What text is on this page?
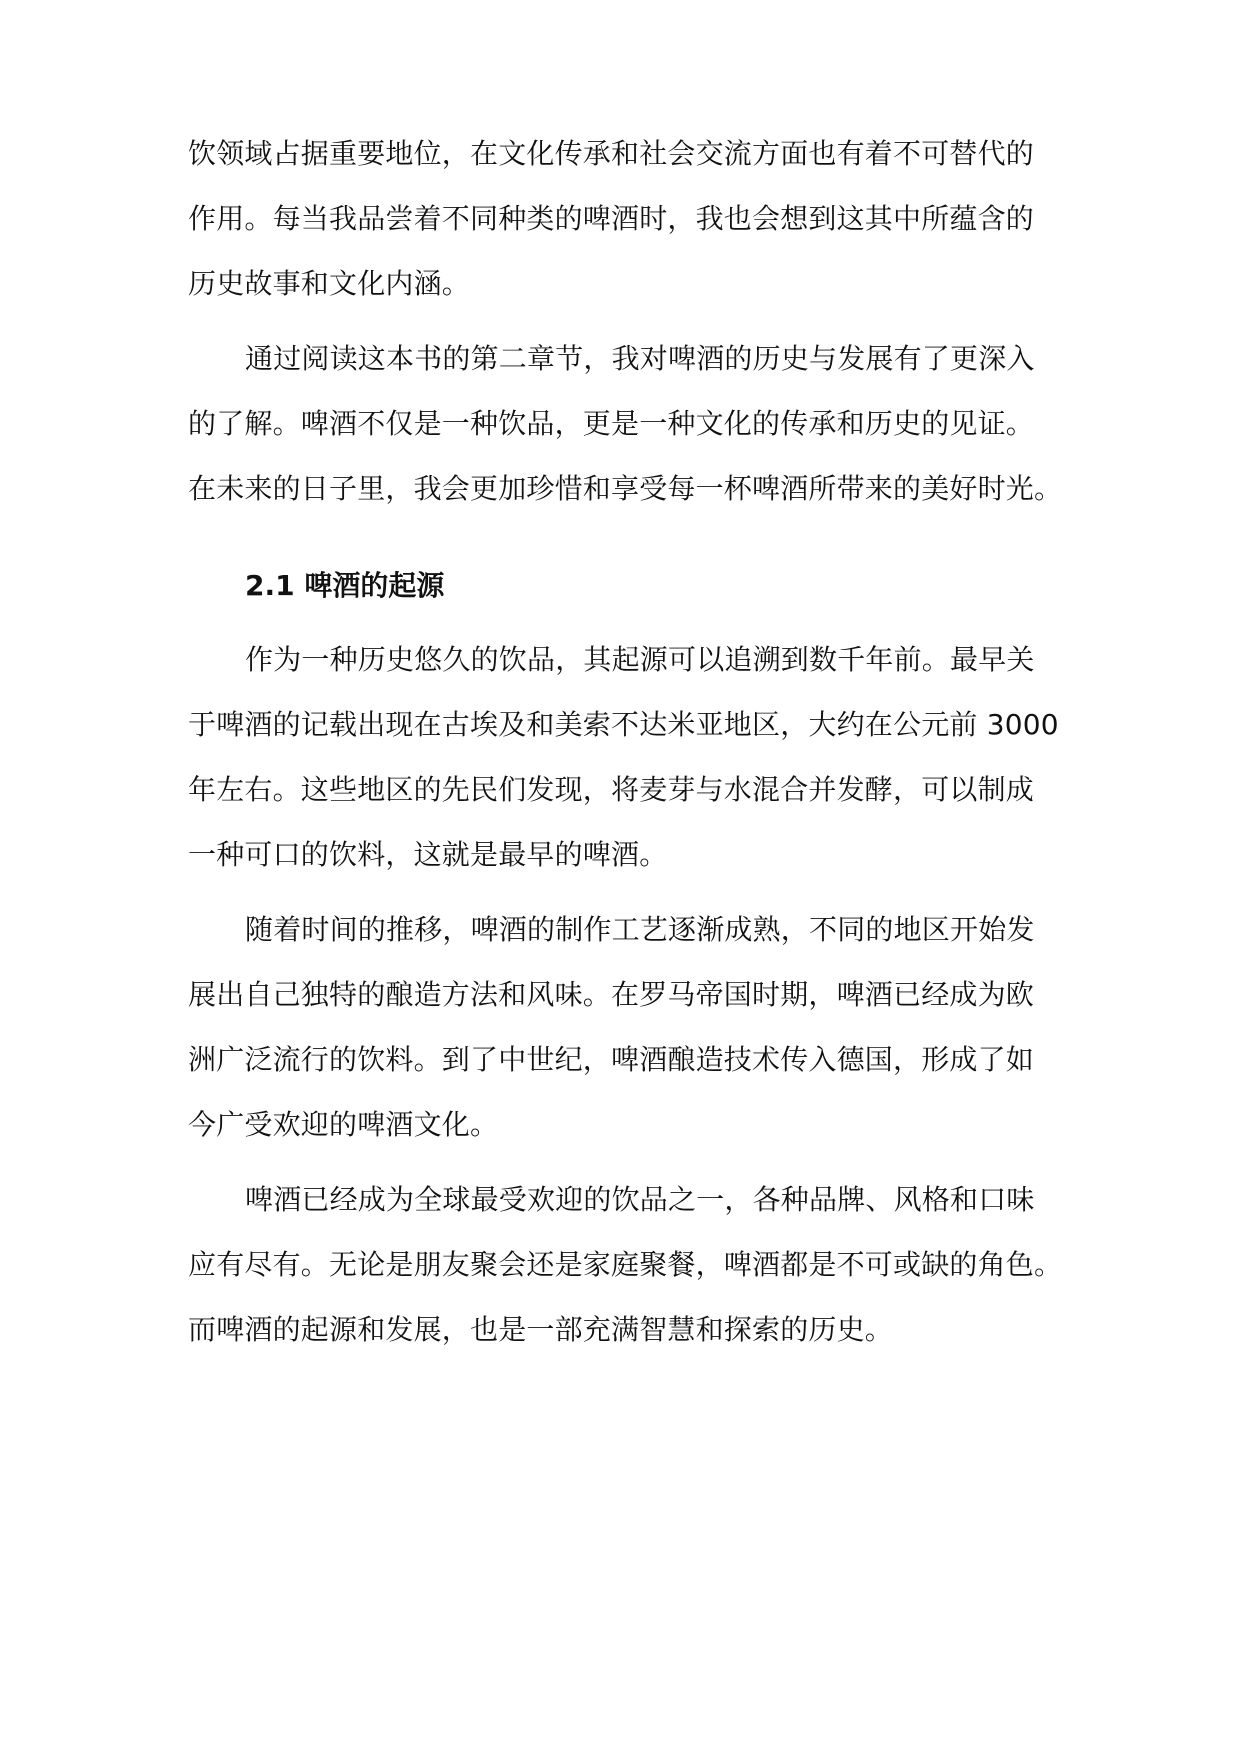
饮领域占据重要地位，在文化传承和社会交流方面也有着不可替代的
作用。每当我品尝着不同种类的啤酒时，我也会想到这其中所蕴含的
历史故事和文化内涵。
通过阅读这本书的第二章节，我对啤酒的历史与发展有了更深入
的了解。啤酒不仅是一种饮品，更是一种文化的传承和历史的见证。
在未来的日子里，我会更加珍惜和享受每一杯啤酒所带来的美好时光。
2.1 啤酒的起源
作为一种历史悠久的饮品，其起源可以追溯到数千年前。最早关
于啤酒的记载出现在古埃及和美索不达米亚地区，大约在公元前 3000
年左右。这些地区的先民们发现，将麦芽与水混合并发酵，可以制成
一种可口的饮料，这就是最早的啤酒。
随着时间的推移，啤酒的制作工艺逐渐成熟，不同的地区开始发
展出自己独特的酿造方法和风味。在罗马帝国时期，啤酒已经成为欧
洲广泛流行的饮料。到了中世纪，啤酒酿造技术传入德国，形成了如
今广受欢迎的啤酒文化。
啤酒已经成为全球最受欢迎的饮品之一，各种品牌、风格和口味
应有尽有。无论是朋友聚会还是家庭聚餐，啤酒都是不可或缺的角色。
而啤酒的起源和发展，也是一部充满智慧和探索的历史。
